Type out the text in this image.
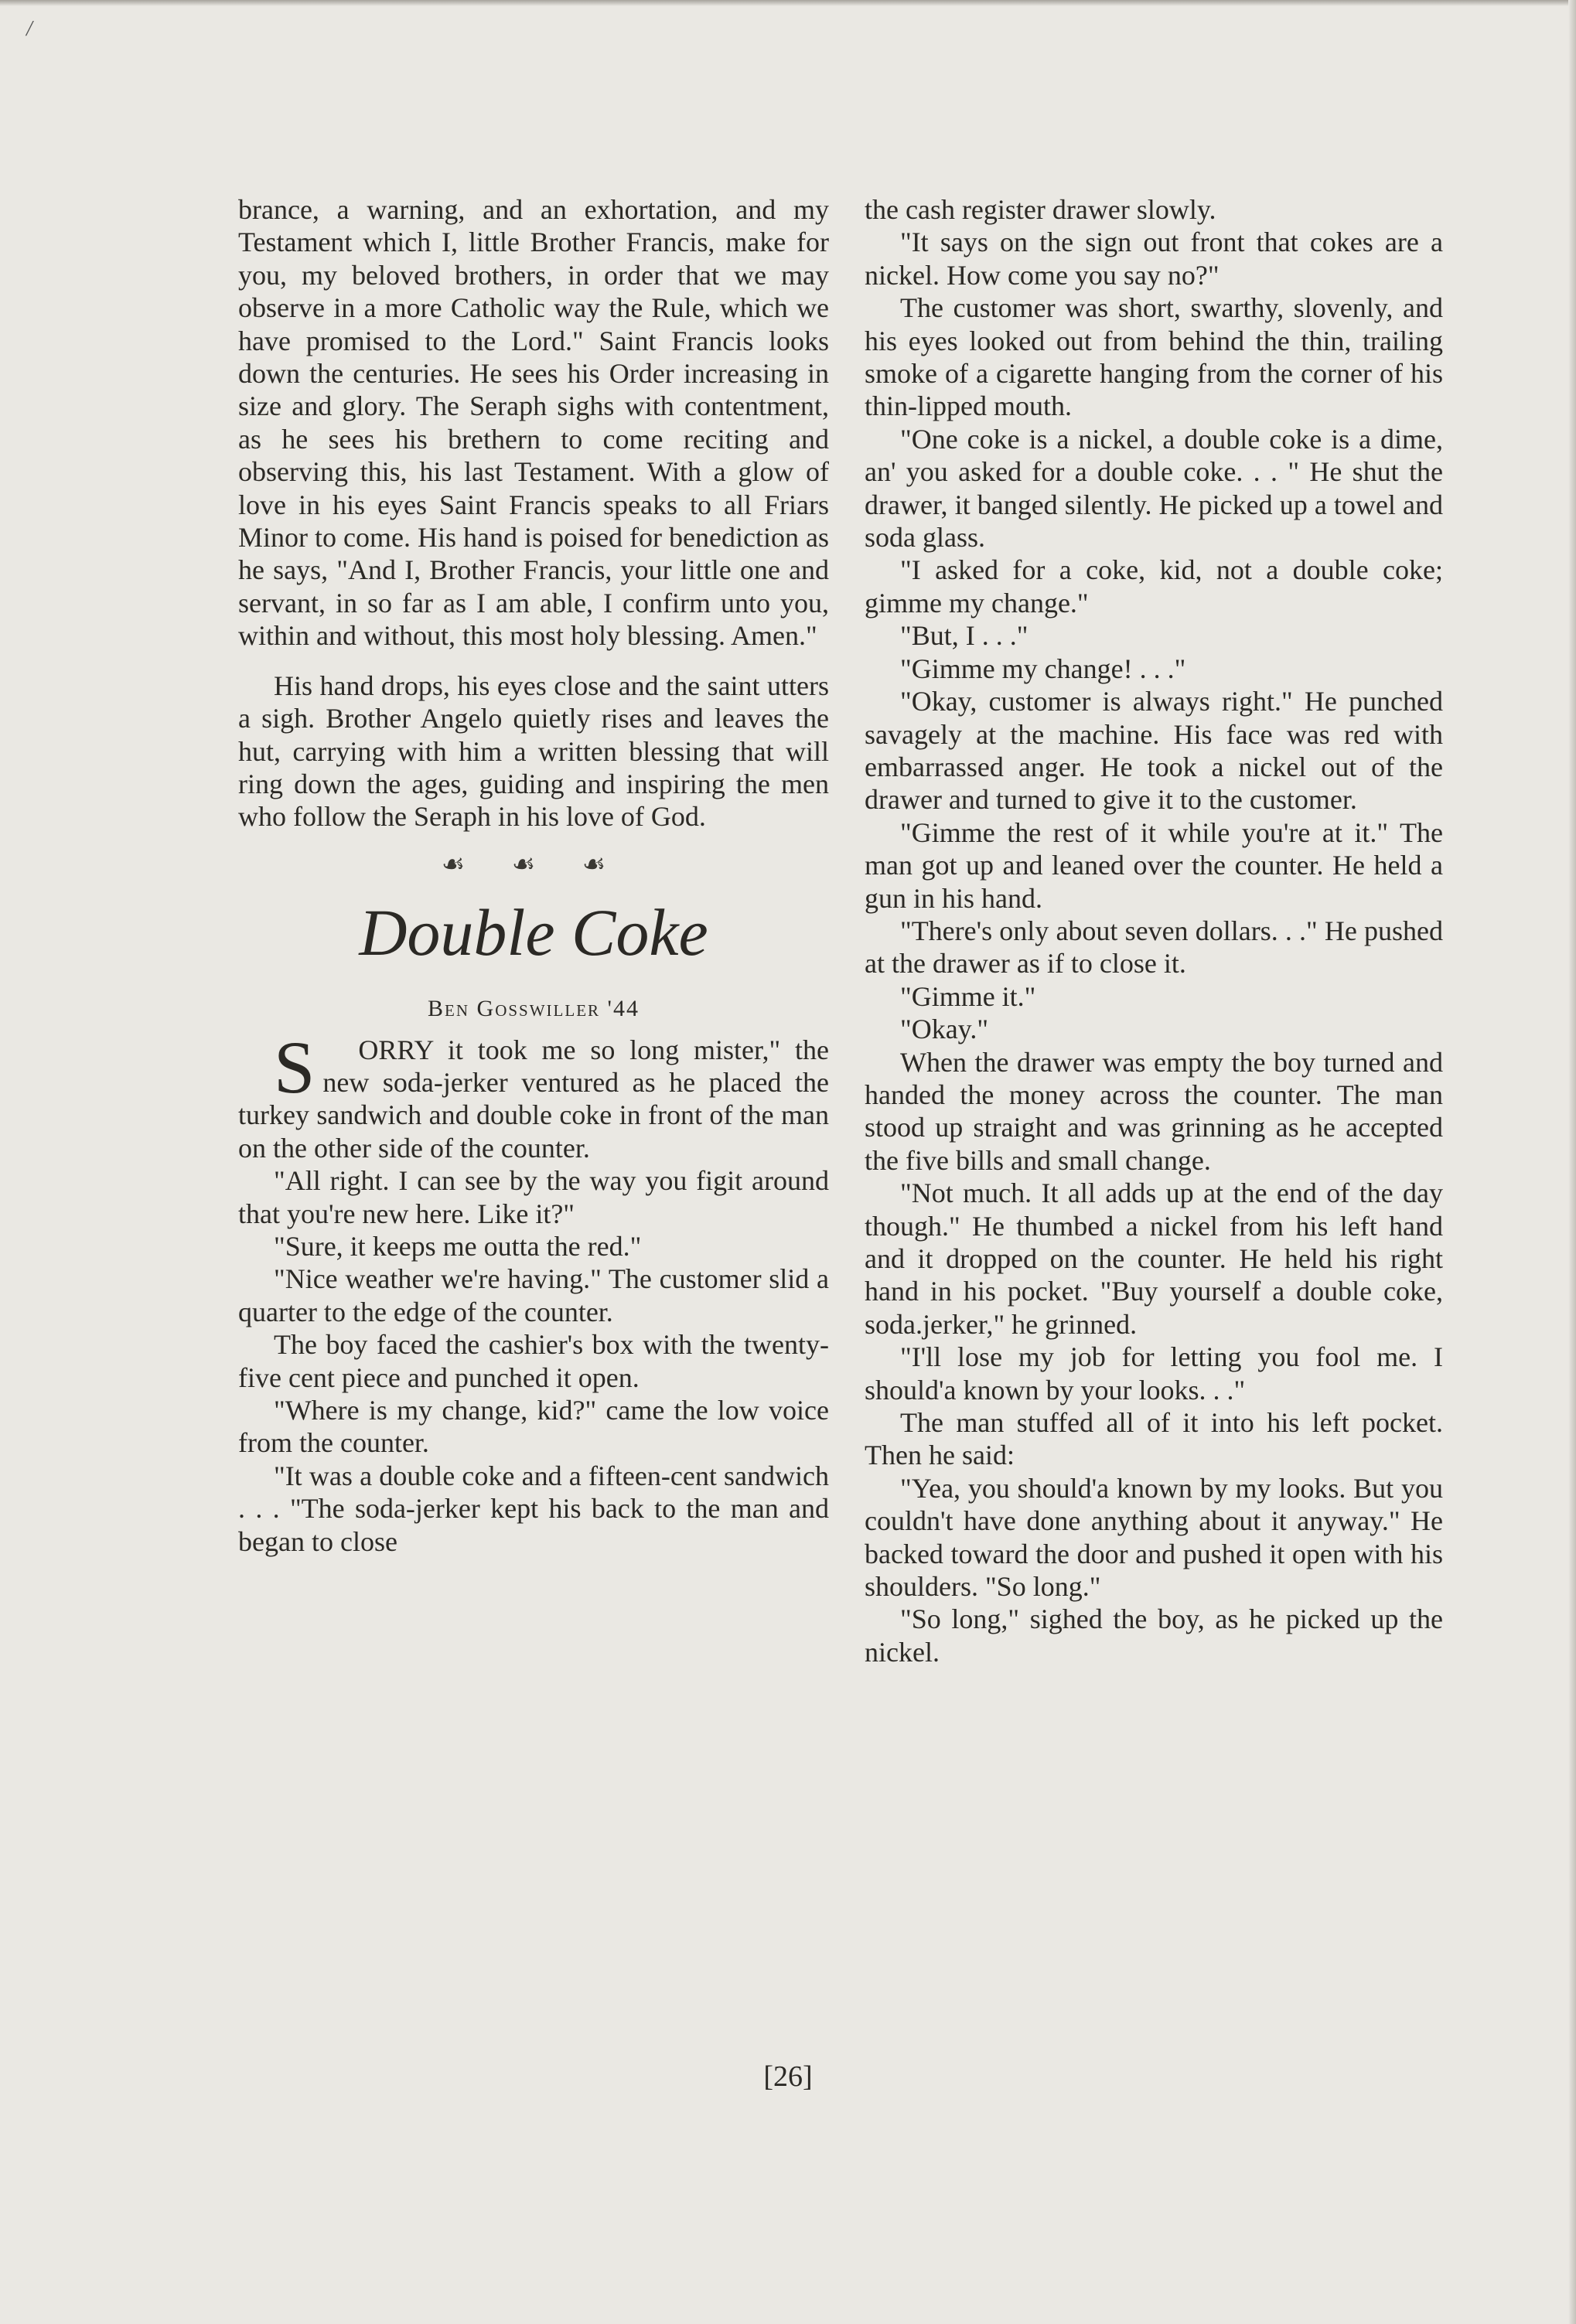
/

brance, a warning, and an exhortation, and my Testament which I, little Brother Francis, make for you, my beloved brothers, in order that we may observe in a more Catholic way the Rule, which we have promised to the Lord." Saint Francis looks down the centuries. He sees his Order increasing in size and glory. The Seraph sighs with contentment, as he sees his brethern to come reciting and observing this, his last Testament. With a glow of love in his eyes Saint Francis speaks to all Friars Minor to come. His hand is poised for benediction as he says, "And I, Brother Francis, your little one and servant, in so far as I am able, I confirm unto you, within and without, this most holy blessing. Amen."

His hand drops, his eyes close and the saint utters a sigh. Brother Angelo quietly rises and leaves the hut, carrying with him a written blessing that will ring down the ages, guiding and inspiring the men who follow the Seraph in his love of God.

☙ ☙ ☙
Double Coke
Ben Gosswiller '44

S ORRY it took me so long mister," the new soda-jerker ventured as he placed the turkey sandwich and double coke in front of the man on the other side of the counter.

"All right. I can see by the way you figit around that you're new here. Like it?"

"Sure, it keeps me outta the red."

"Nice weather we're having." The customer slid a quarter to the edge of the counter.

The boy faced the cashier's box with the twenty-five cent piece and punched it open.

"Where is my change, kid?" came the low voice from the counter.

"It was a double coke and a fifteen-cent sandwich . . . "The soda-jerker kept his back to the man and began to close

the cash register drawer slowly.

"It says on the sign out front that cokes are a nickel. How come you say no?"

The customer was short, swarthy, slovenly, and his eyes looked out from behind the thin, trailing smoke of a cigarette hanging from the corner of his thin-lipped mouth.

"One coke is a nickel, a double coke is a dime, an' you asked for a double coke. . . " He shut the drawer, it banged silently. He picked up a towel and soda glass.

"I asked for a coke, kid, not a double coke; gimme my change."

"But, I . . ."

"Gimme my change! . . ."

"Okay, customer is always right." He punched savagely at the machine. His face was red with embarrassed anger. He took a nickel out of the drawer and turned to give it to the customer.

"Gimme the rest of it while you're at it." The man got up and leaned over the counter. He held a gun in his hand.

"There's only about seven dollars. . ." He pushed at the drawer as if to close it.

"Gimme it."

"Okay."

When the drawer was empty the boy turned and handed the money across the counter. The man stood up straight and was grinning as he accepted the five bills and small change.

"Not much. It all adds up at the end of the day though." He thumbed a nickel from his left hand and it dropped on the counter. He held his right hand in his pocket. "Buy yourself a double coke, soda.jerker," he grinned.

"I'll lose my job for letting you fool me. I should'a known by your looks. . ."

The man stuffed all of it into his left pocket. Then he said:

"Yea, you should'a known by my looks. But you couldn't have done anything about it anyway." He backed toward the door and pushed it open with his shoulders. "So long."

"So long," sighed the boy, as he picked up the nickel.

[26]
